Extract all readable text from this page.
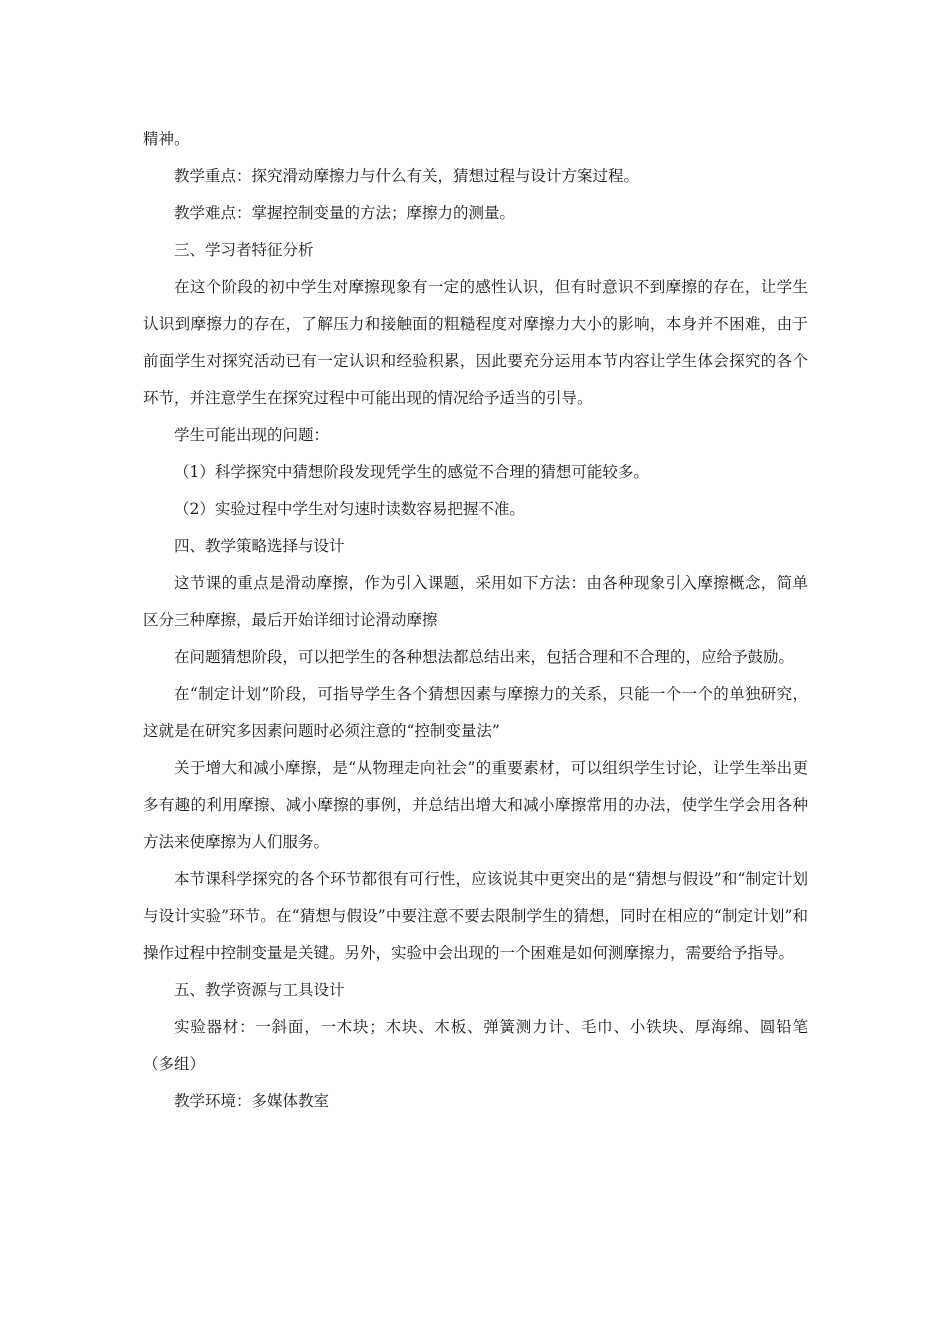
精神。

教学重点：探究滑动摩擦力与什么有关，猜想过程与设计方案过程。

教学难点：掌握控制变量的方法；摩擦力的测量。

三、学习者特征分析

在这个阶段的初中学生对摩擦现象有一定的感性认识，但有时意识不到摩擦的存在，让学生认识到摩擦力的存在，了解压力和接触面的粗糙程度对摩擦力大小的影响，本身并不困难，由于前面学生对探究活动已有一定认识和经验积累，因此要充分运用本节内容让学生体会探究的各个环节，并注意学生在探究过程中可能出现的情况给予适当的引导。

学生可能出现的问题：

（1）科学探究中猜想阶段发现凭学生的感觉不合理的猜想可能较多。

（2）实验过程中学生对匀速时读数容易把握不准。

四、教学策略选择与设计

这节课的重点是滑动摩擦，作为引入课题，采用如下方法：由各种现象引入摩擦概念，简单区分三种摩擦，最后开始详细讨论滑动摩擦

在问题猜想阶段，可以把学生的各种想法都总结出来，包括合理和不合理的，应给予鼓励。

在“制定计划”阶段，可指导学生各个猜想因素与摩擦力的关系，只能一个一个的单独研究，这就是在研究多因素问题时必须注意的“控制变量法”

关于增大和减小摩擦，是“从物理走向社会”的重要素材，可以组织学生讨论，让学生举出更多有趣的利用摩擦、减小摩擦的事例，并总结出增大和减小摩擦常用的办法，使学生学会用各种方法来使摩擦为人们服务。

本节课科学探究的各个环节都很有可行性，应该说其中更突出的是“猜想与假设”和“制定计划与设计实验”环节。在“猜想与假设”中要注意不要去限制学生的猜想，同时在相应的“制定计划”和操作过程中控制变量是关键。另外，实验中会出现的一个困难是如何测摩擦力，需要给予指导。

五、教学资源与工具设计

实验器材：一斜面，一木块；木块、木板、弹簧测力计、毛巾、小铁块、厚海绵、圆铅笔（多组）

教学环境：多媒体教室
